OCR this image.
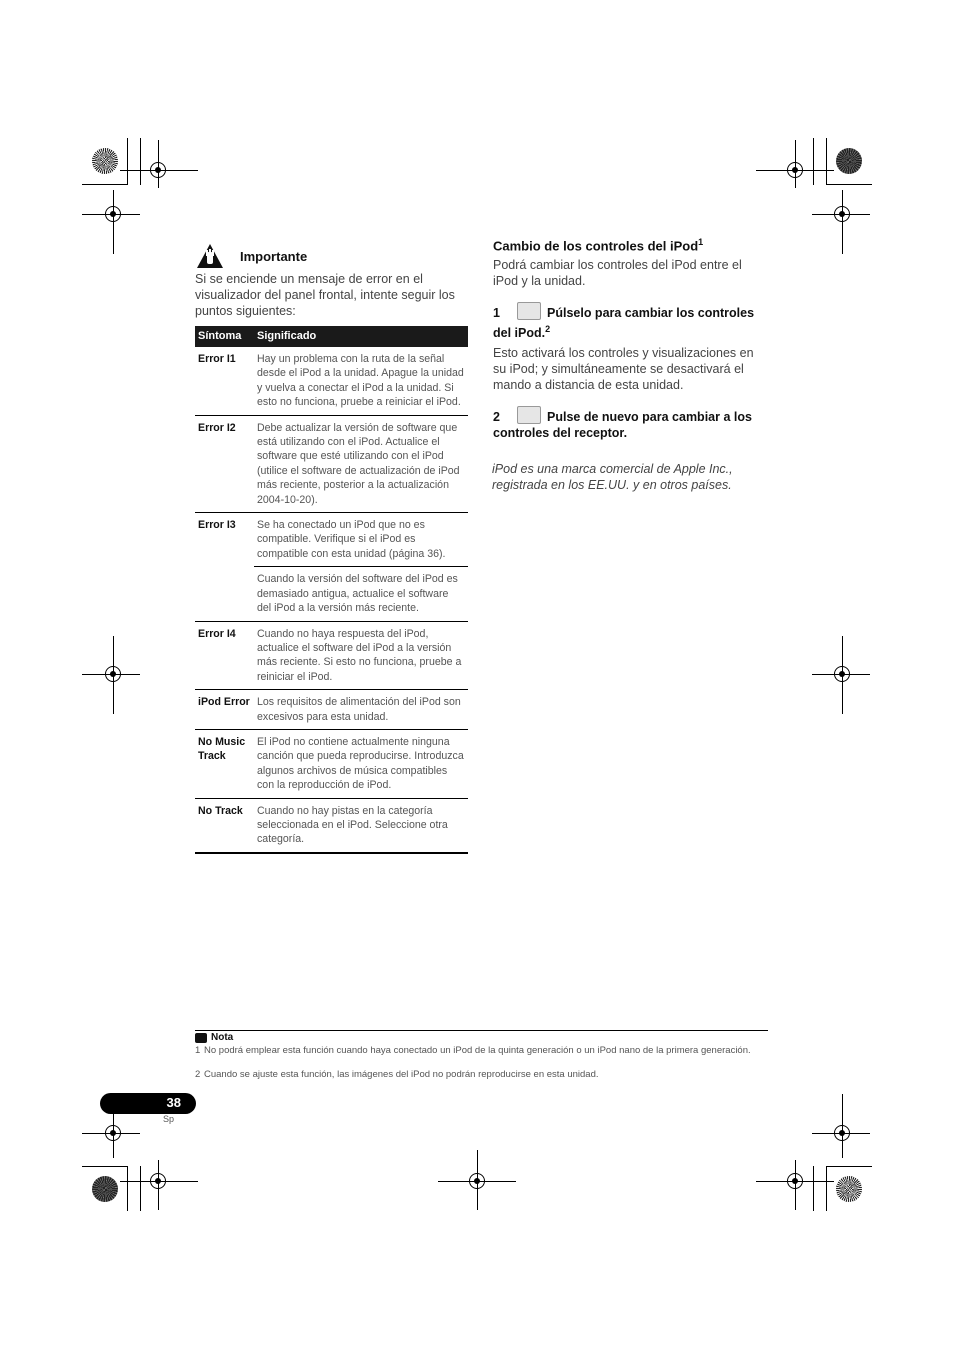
Importante
Si se enciende un mensaje de error en el visualizador del panel frontal, intente seguir los puntos siguientes:
Síntoma	Significado
Error I1	Hay un problema con la ruta de la señal desde el iPod a la unidad. Apague la unidad y vuelva a conectar el iPod a la unidad. Si esto no funciona, pruebe a reiniciar el iPod.
Error I2	Debe actualizar la versión de software que está utilizando con el iPod. Actualice el software que esté utilizando con el iPod (utilice el software de actualización de iPod más reciente, posterior a la actualización 2004-10-20).
Error I3	Se ha conectado un iPod que no es compatible. Verifique si el iPod es compatible con esta unidad (página 36).
	Cuando la versión del software del iPod es demasiado antigua, actualice el software del iPod a la versión más reciente.
Error I4	Cuando no haya respuesta del iPod, actualice el software del iPod a la versión más reciente. Si esto no funciona, pruebe a reiniciar el iPod.
iPod Error	Los requisitos de alimentación del iPod son excesivos para esta unidad.
No Music Track	El iPod no contiene actualmente ninguna canción que pueda reproducirse. Introduzca algunos archivos de música compatibles con la reproducción de iPod.
No Track	Cuando no hay pistas en la categoría seleccionada en el iPod. Seleccione otra categoría.
Cambio de los controles del iPod$^1$
Podrá cambiar los controles del iPod entre el iPod y la unidad.
1	Púlselo para cambiar los controles del iPod.$^2$
Esto activará los controles y visualizaciones en su iPod; y simultáneamente se desactivará el mando a distancia de esta unidad.
2	Pulse de nuevo para cambiar a los controles del receptor.
iPod es una marca comercial de Apple Inc., registrada en los EE.UU. y en otros países.
Nota
1 No podrá emplear esta función cuando haya conectado un iPod de la quinta generación o un iPod nano de la primera generación.
2 Cuando se ajuste esta función, las imágenes del iPod no podrán reproducirse en esta unidad.
38
Sp
